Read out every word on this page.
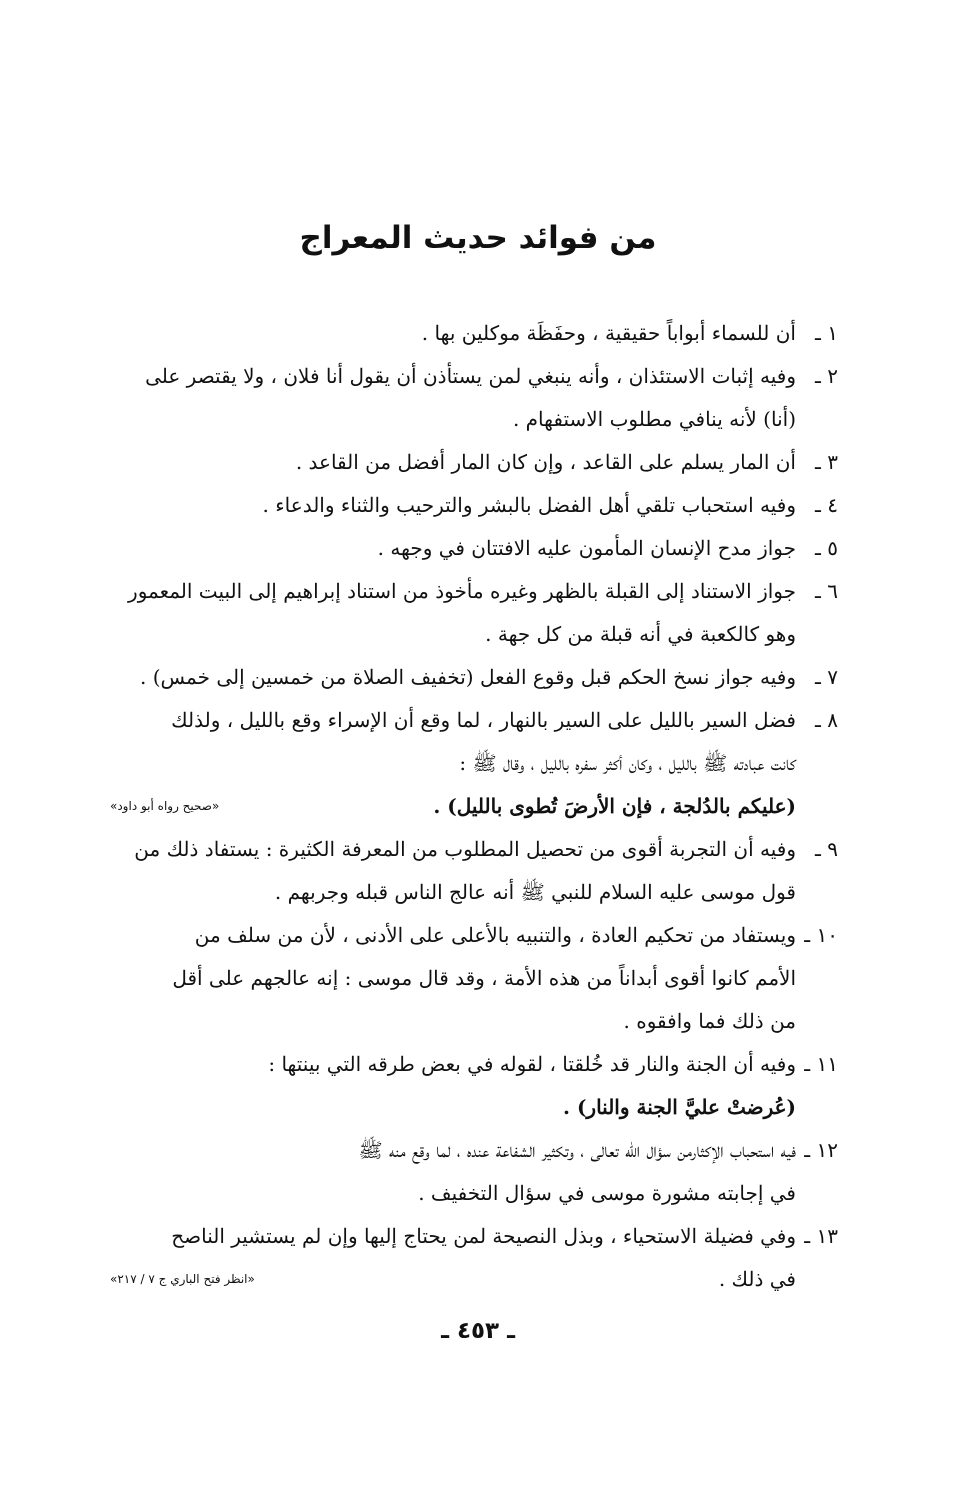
من فوائد حديث المعراج
١ ـ
أن للسماء أبواباً حقيقية ، وحفَظَة موكلين بها .
٢ ـ
وفيه إثبات الاستئذان ، وأنه ينبغي لمن يستأذن أن يقول أنا فلان ، ولا يقتصر على
(أنا) لأنه ينافي مطلوب الاستفهام .
٣ ـ
أن المار يسلم على القاعد ، وإن كان المار أفضل من القاعد .
٤ ـ
وفيه استحباب تلقي أهل الفضل بالبشر والترحيب والثناء والدعاء .
٥ ـ
جواز مدح الإنسان المأمون عليه الافتتان في وجهه .
٦ ـ
جواز الاستناد إلى القبلة بالظهر وغيره مأخوذ من استناد إبراهيم إلى البيت المعمور
وهو كالكعبة في أنه قبلة من كل جهة .
٧ ـ
وفيه جواز نسخ الحكم قبل وقوع الفعل (تخفيف الصلاة من خمسين إلى خمس) .
٨ ـ
فضل السير بالليل على السير بالنهار ، لما وقع أن الإسراء وقع بالليل ، ولذلك
كانت عبادته ﷺ بالليل ، وكان أكثر سفره بالليل ، وقال ﷺ :
(عليكم بالدُلجة ، فإن الأرضَ تُطوى بالليل) .
«صحيح رواه أبو داود»
٩ ـ
وفيه أن التجربة أقوى من تحصيل المطلوب من المعرفة الكثيرة : يستفاد ذلك من
قول موسى عليه السلام للنبي ﷺ أنه عالج الناس قبله وجربهم .
١٠ ـ
ويستفاد من تحكيم العادة ، والتنبيه بالأعلى على الأدنى ، لأن من سلف من
الأمم كانوا أقوى أبداناً من هذه الأمة ، وقد قال موسى : إنه عالجهم على أقل
من ذلك فما وافقوه .
١١ ـ
وفيه أن الجنة والنار قد خُلقتا ، لقوله في بعض طرقه التي بينتها :
(عُرضتْ عليَّ الجنة والنار) .
١٢ ـ
فيه استحباب الإكثارمن سؤال الله تعالى ، وتكثير الشفاعة عنده ، لما وقع منه ﷺ
في إجابته مشورة موسى في سؤال التخفيف .
١٣ ـ
وفي فضيلة الاستحياء ، وبذل النصيحة لمن يحتاج إليها وإن لم يستشير الناصح
في ذلك .
«انظر فتح الباري ج ٧ / ٢١٧»
ـ ٤٥٣ ـ
